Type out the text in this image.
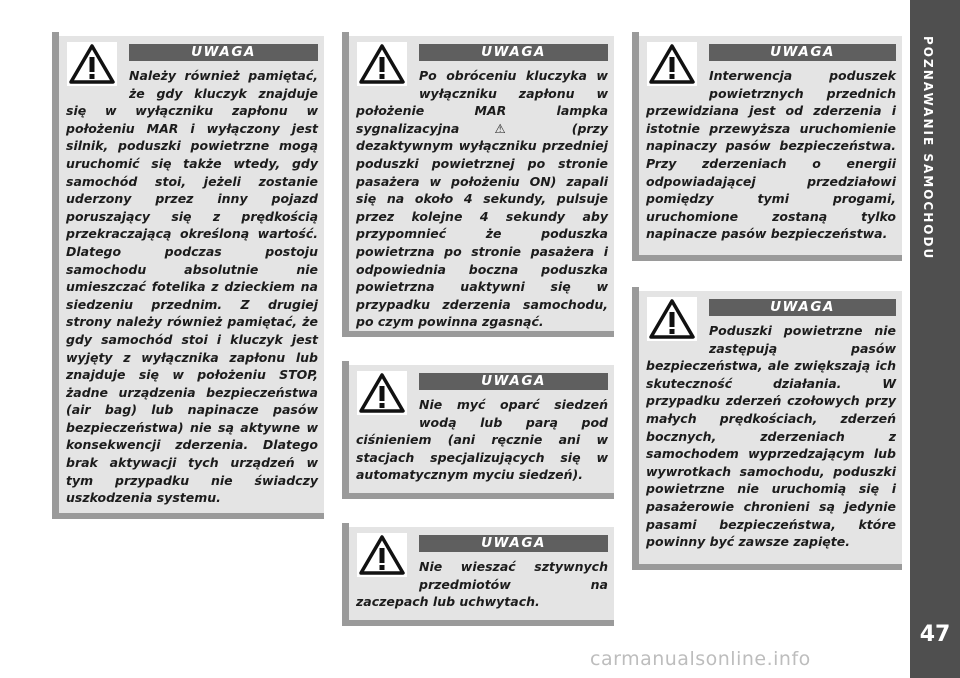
POZNAWANIE SAMOCHODU
47
UWAGA

Należy również pamiętać, że gdy kluczyk znajduje się w wyłączniku zapłonu w położeniu MAR i wyłączony jest silnik, poduszki powietrzne mogą uruchomić się także wtedy, gdy samochód stoi, jeżeli zostanie uderzony przez inny pojazd poruszający się z prędkością przekraczającą określoną wartość. Dlatego podczas postoju samochodu absolutnie nie umieszczać fotelika z dzieckiem na siedzeniu przednim. Z drugiej strony należy również pamiętać, że gdy samochód stoi i kluczyk jest wyjęty z wyłącznika zapłonu lub znajduje się w położeniu STOP, żadne urządzenia bezpieczeństwa (air bag) lub napinacze pasów bezpieczeństwa) nie są aktywne w konsekwencji zderzenia. Dlatego brak aktywacji tych urządzeń w tym przypadku nie świadczy uszkodzenia systemu.

UWAGA

Po obróceniu kluczyka w wyłączniku zapłonu w położenie MAR lampka sygnalizacyjna ⚠ (przy dezaktywnym wyłączniku przedniej poduszki powietrznej po stronie pasażera w położeniu ON) zapali się na około 4 sekundy, pulsuje przez kolejne 4 sekundy aby przypomnieć że poduszka powietrzna po stronie pasażera i odpowiednia boczna poduszka powietrzna uaktywni się w przypadku zderzenia samochodu, po czym powinna zgasnąć.

UWAGA

Nie myć oparć siedzeń wodą lub parą pod ciśnieniem (ani ręcznie ani w stacjach specjalizujących się w automatycznym myciu siedzeń).

UWAGA

Nie wieszać sztywnych przedmiotów na zaczepach lub uchwytach.

UWAGA

Interwencja poduszek powietrznych przednich przewidziana jest od zderzenia i istotnie przewyższa uruchomienie napinaczy pasów bezpieczeństwa. Przy zderzeniach o energii odpowiadającej przedziałowi pomiędzy tymi progami, uruchomione zostaną tylko napinacze pasów bezpieczeństwa.

UWAGA

Poduszki powietrzne nie zastępują pasów bezpieczeństwa, ale zwiększają ich skuteczność działania. W przypadku zderzeń czołowych przy małych prędkościach, zderzeń bocznych, zderzeniach z samochodem wyprzedzającym lub wywrotkach samochodu, poduszki powietrzne nie uruchomią się i pasażerowie chronieni są jedynie pasami bezpieczeństwa, które powinny być zawsze zapięte.

carmanualsonline.info
